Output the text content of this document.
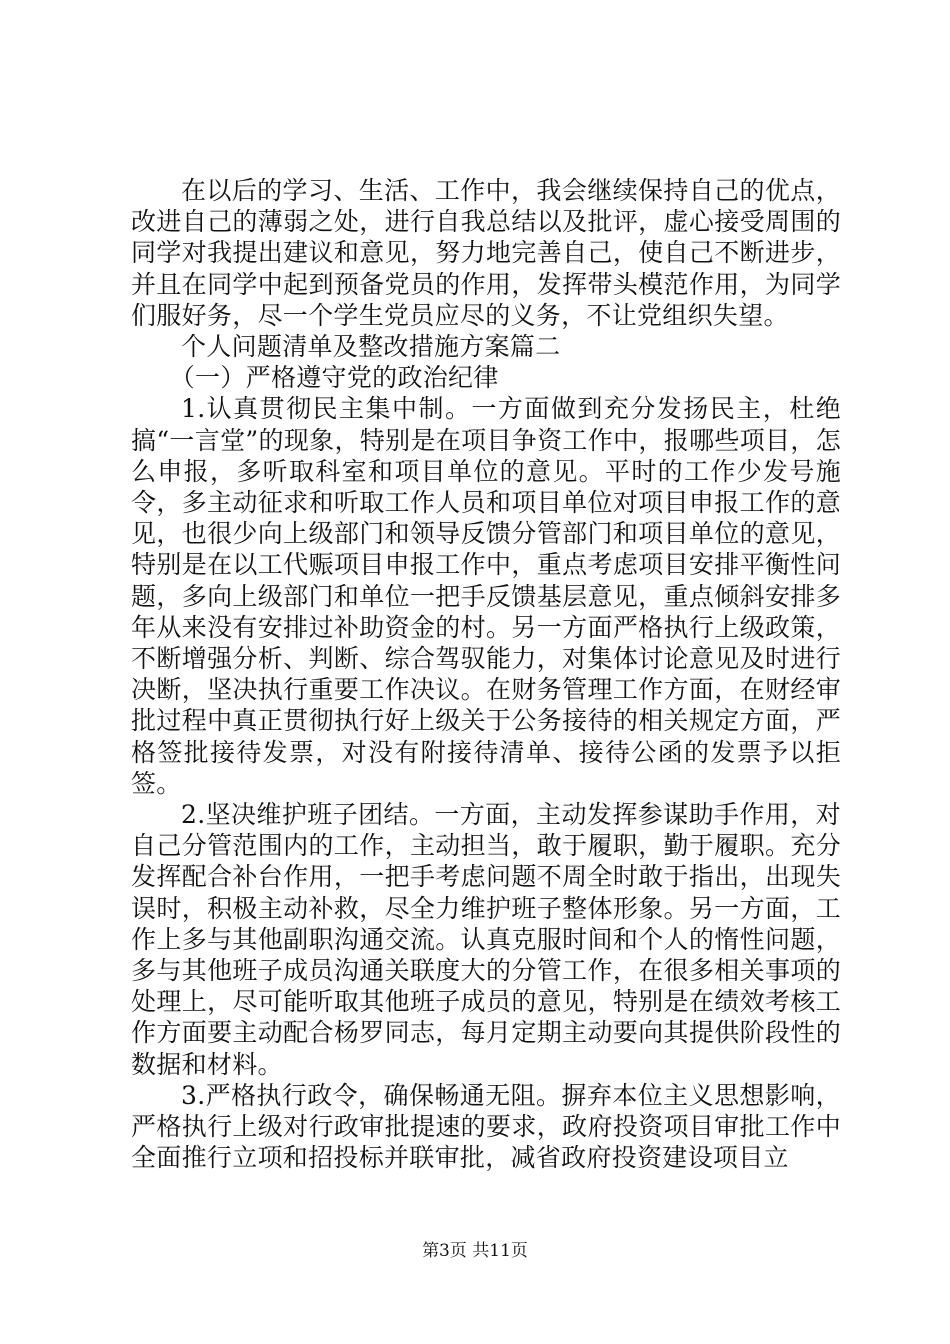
在以后的学习、生活、工作中，我会继续保持自己的优点，改进自己的薄弱之处，进行自我总结以及批评，虚心接受周围的同学对我提出建议和意见，努力地完善自己，使自己不断进步，并且在同学中起到预备党员的作用，发挥带头模范作用，为同学们服好务，尽一个学生党员应尽的义务，不让党组织失望。

个人问题清单及整改措施方案篇二

（一）严格遵守党的政治纪律

1.认真贯彻民主集中制。一方面做到充分发扬民主，杜绝搞“一言堂”的现象，特别是在项目争资工作中，报哪些项目，怎么申报，多听取科室和项目单位的意见。平时的工作少发号施令，多主动征求和听取工作人员和项目单位对项目申报工作的意见，也很少向上级部门和领导反馈分管部门和项目单位的意见，特别是在以工代赈项目申报工作中，重点考虑项目安排平衡性问题，多向上级部门和单位一把手反馈基层意见，重点倾斜安排多年从来没有安排过补助资金的村。另一方面严格执行上级政策，不断增强分析、判断、综合驾驭能力，对集体讨论意见及时进行决断，坚决执行重要工作决议。在财务管理工作方面，在财经审批过程中真正贯彻执行好上级关于公务接待的相关规定方面，严格签批接待发票，对没有附接待清单、接待公函的发票予以拒签。

2.坚决维护班子团结。一方面，主动发挥参谋助手作用，对自己分管范围内的工作，主动担当，敢于履职，勤于履职。充分发挥配合补台作用，一把手考虑问题不周全时敢于指出，出现失误时，积极主动补救，尽全力维护班子整体形象。另一方面，工作上多与其他副职沟通交流。认真克服时间和个人的惰性问题，多与其他班子成员沟通关联度大的分管工作，在很多相关事项的处理上，尽可能听取其他班子成员的意见，特别是在绩效考核工作方面要主动配合杨罗同志，每月定期主动要向其提供阶段性的数据和材料。

3.严格执行政令，确保畅通无阻。摒弃本位主义思想影响，严格执行上级对行政审批提速的要求，政府投资项目审批工作中全面推行立项和招投标并联审批，减省政府投资建设项目立

第3页 共11页
